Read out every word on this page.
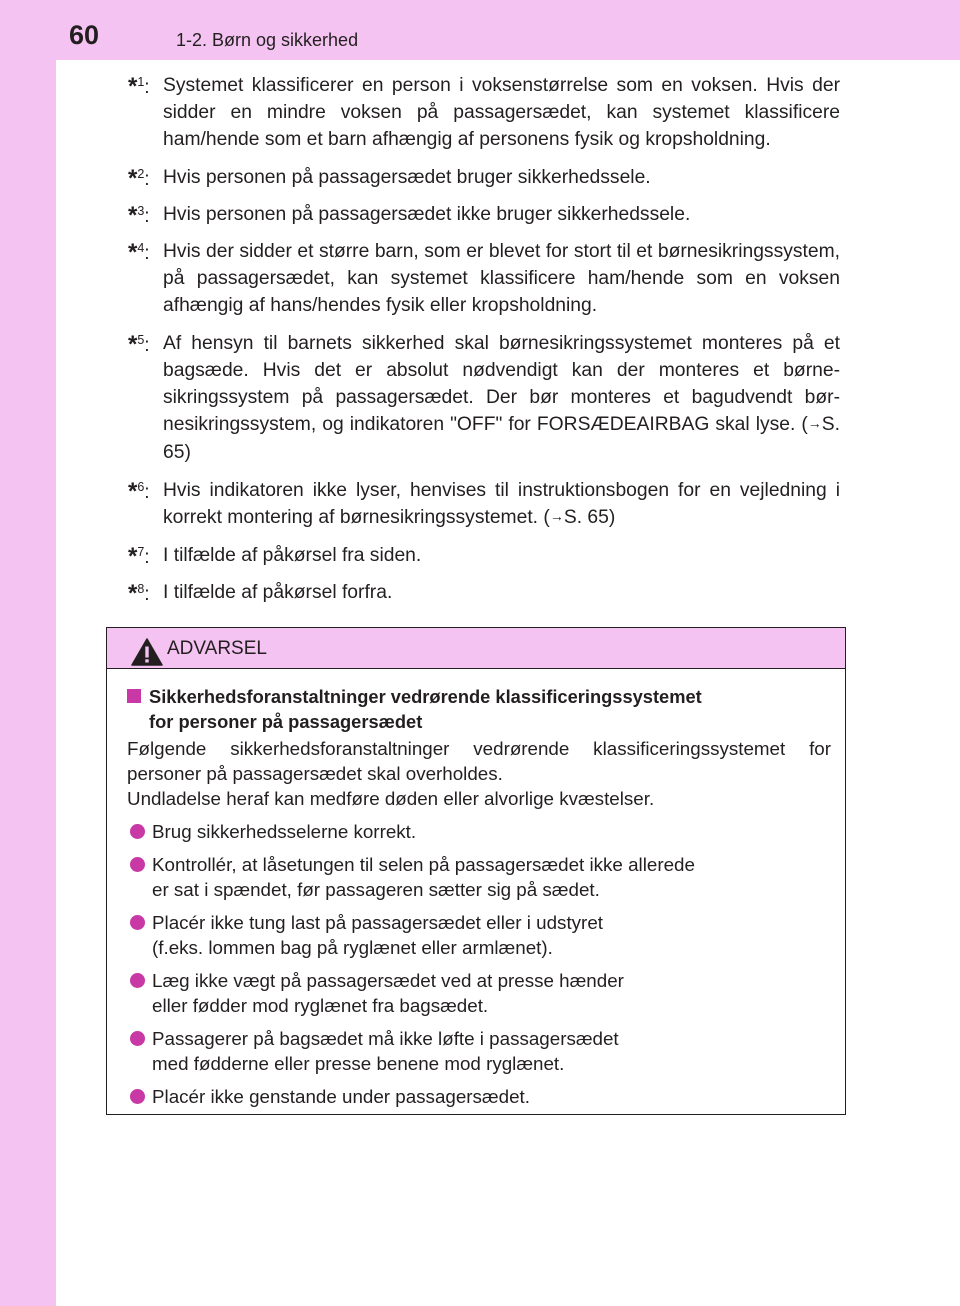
60	1-2. Børn og sikkerhed
*$^1$: Systemet klassificerer en person i voksenstørrelse som en voksen. Hvis der sidder en mindre voksen på passagersædet, kan systemet klassificere ham/hende som et barn afhængig af personens fysik og kropsholdning.
*$^2$: Hvis personen på passagersædet bruger sikkerhedssele.
*$^3$: Hvis personen på passagersædet ikke bruger sikkerhedssele.
*$^4$: Hvis der sidder et større barn, som er blevet for stort til et børnesikringssystem, på passagersædet, kan systemet klassificere ham/hende som en voksen afhængig af hans/hendes fysik eller kropsholdning.
*$^5$: Af hensyn til barnets sikkerhed skal børnesikringssystemet monteres på et bagsæde. Hvis det er absolut nødvendigt kan der monteres et børnesikringssystem på passagersædet. Der bør monteres et bagudvendt børnesikringssystem, og indikatoren "OFF" for FORSÆDEAIRBAG skal lyse. (→S. 65)
*$^6$: Hvis indikatoren ikke lyser, henvises til instruktionsbogen for en vejledning i korrekt montering af børnesikringssystemet. (→S. 65)
*$^7$: I tilfælde af påkørsel fra siden.
*$^8$: I tilfælde af påkørsel forfra.
ADVARSEL
Sikkerhedsforanstaltninger vedrørende klassificeringssystemet
for personer på passagersædet
Følgende sikkerhedsforanstaltninger vedrørende klassificeringssystemet for personer på passagersædet skal overholdes.
Undladelse heraf kan medføre døden eller alvorlige kvæstelser.
Brug sikkerhedsselerne korrekt.
Kontrollér, at låsetungen til selen på passagersædet ikke allerede
er sat i spændet, før passageren sætter sig på sædet.
Placér ikke tung last på passagersædet eller i udstyret
(f.eks. lommen bag på ryglænet eller armlænet).
Læg ikke vægt på passagersædet ved at presse hænder
eller fødder mod ryglænet fra bagsædet.
Passagerer på bagsædet må ikke løfte i passagersædet
med fødderne eller presse benene mod ryglænet.
Placér ikke genstande under passagersædet.
